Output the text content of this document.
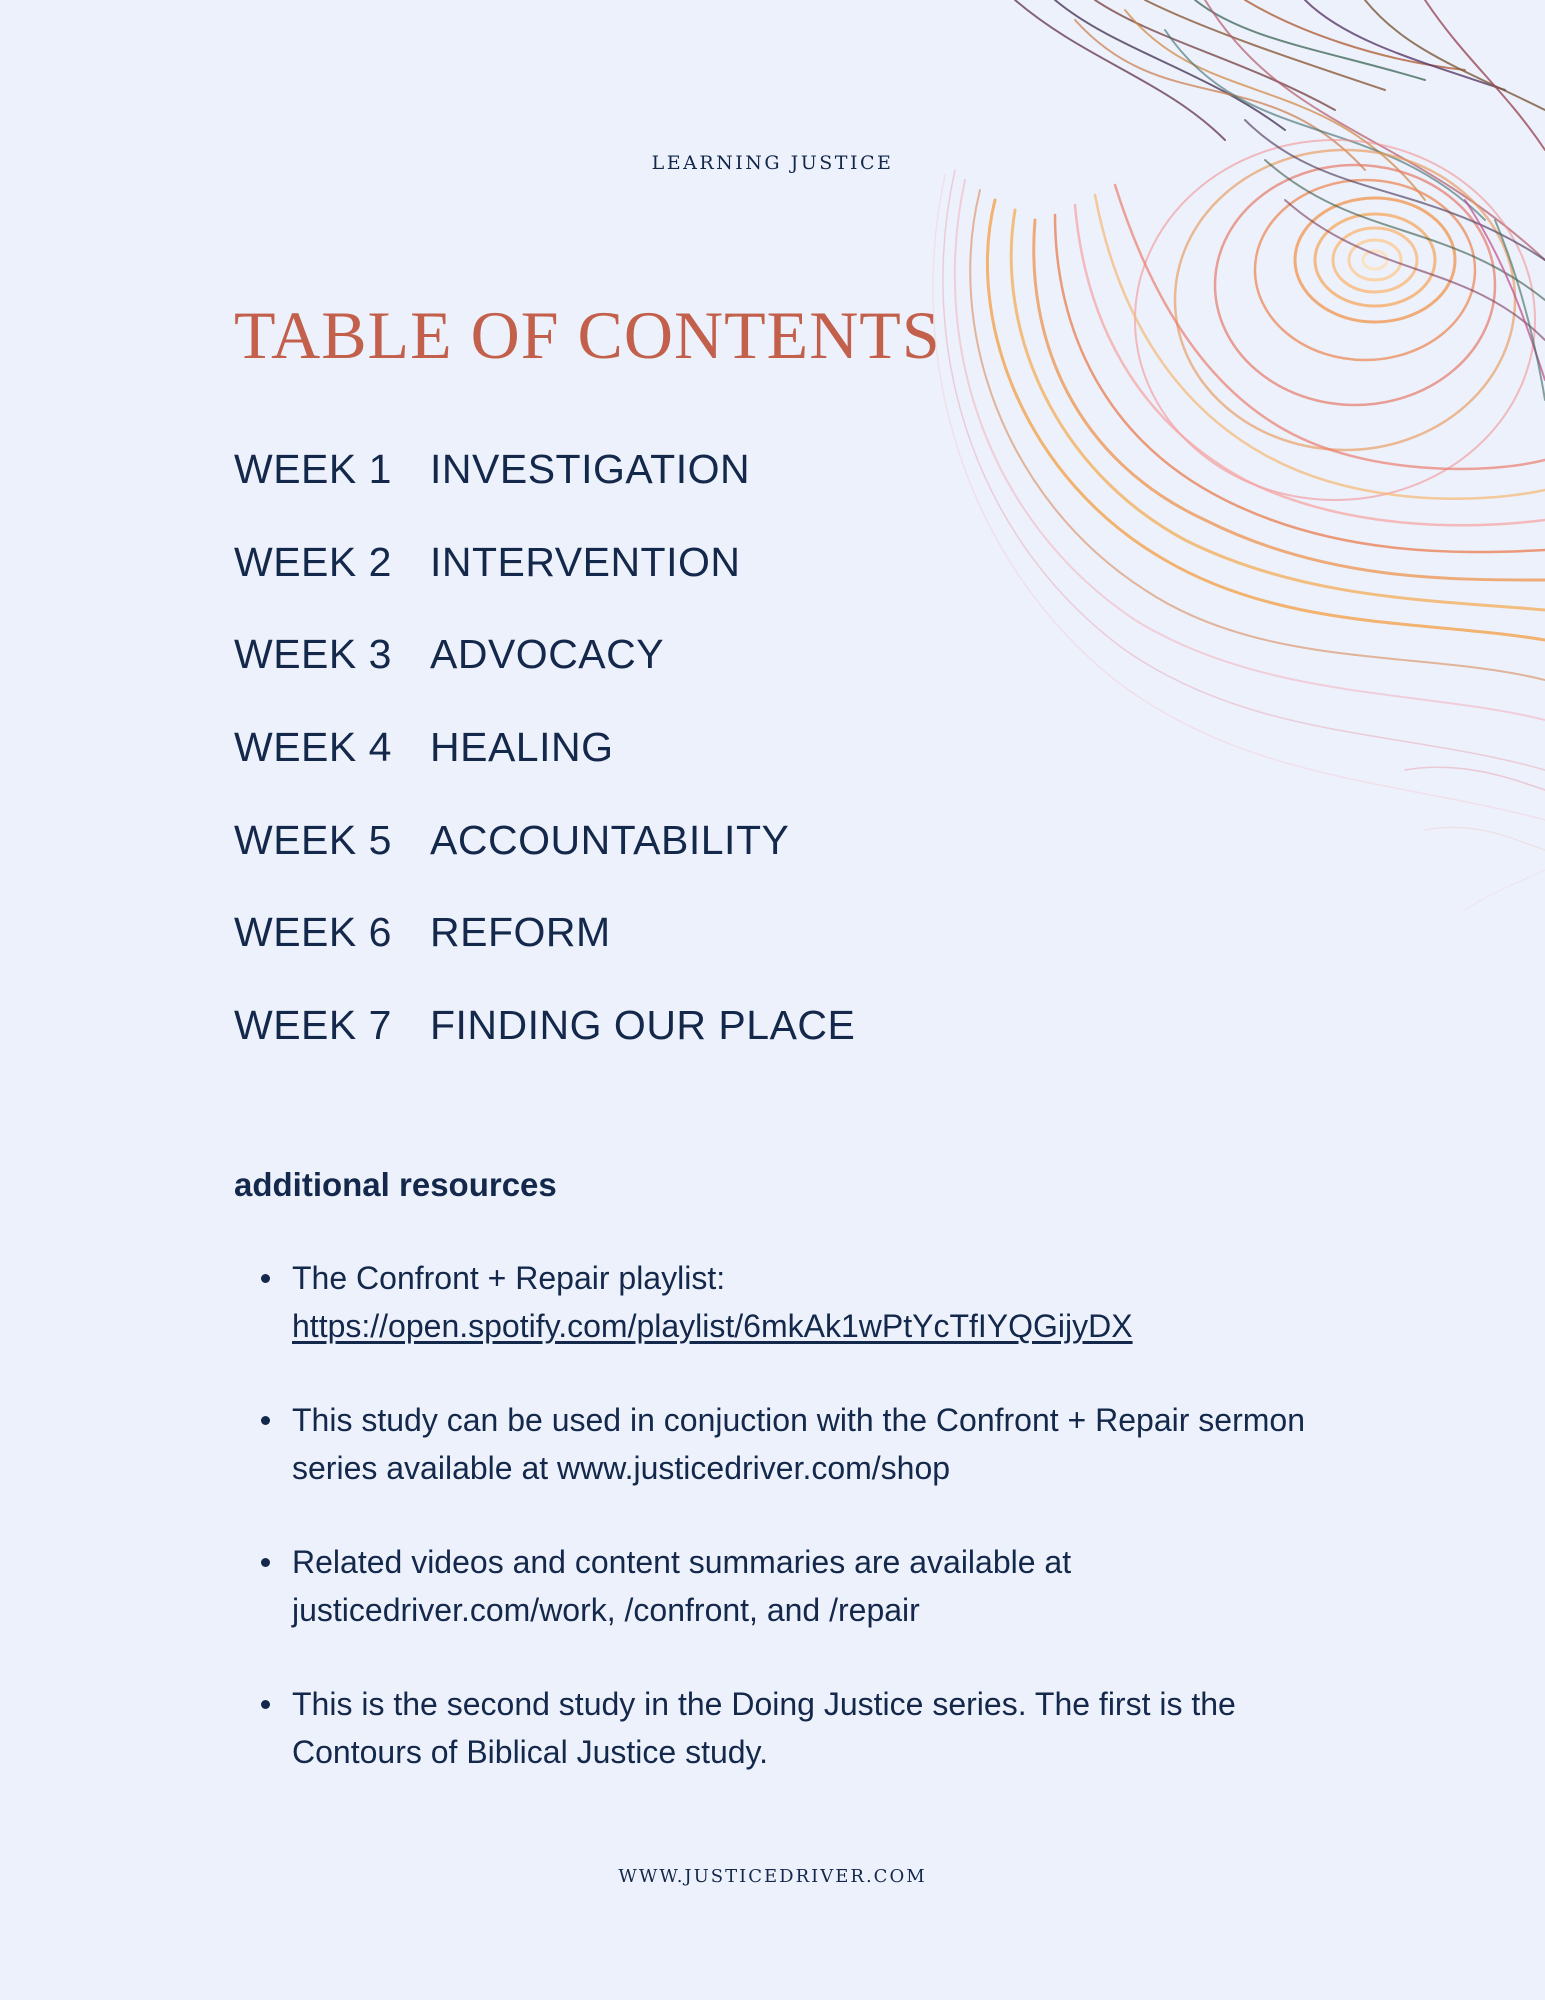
LEARNING JUSTICE
TABLE OF CONTENTS
WEEK 1 INVESTIGATION
WEEK 2 INTERVENTION
WEEK 3 ADVOCACY
WEEK 4 HEALING
WEEK 5 ACCOUNTABILITY
WEEK 6 REFORM
WEEK 7 FINDING OUR PLACE
additional resources
The Confront + Repair playlist: https://open.spotify.com/playlist/6mkAk1wPtYcTfIYQGijyDX
This study can be used in conjuction with the Confront + Repair sermon series available at www.justicedriver.com/shop
Related videos and content summaries are available at justicedriver.com/work, /confront, and /repair
This is the second study in the Doing Justice series. The first is the Contours of Biblical Justice study.
WWW.JUSTICEDRIVER.COM
